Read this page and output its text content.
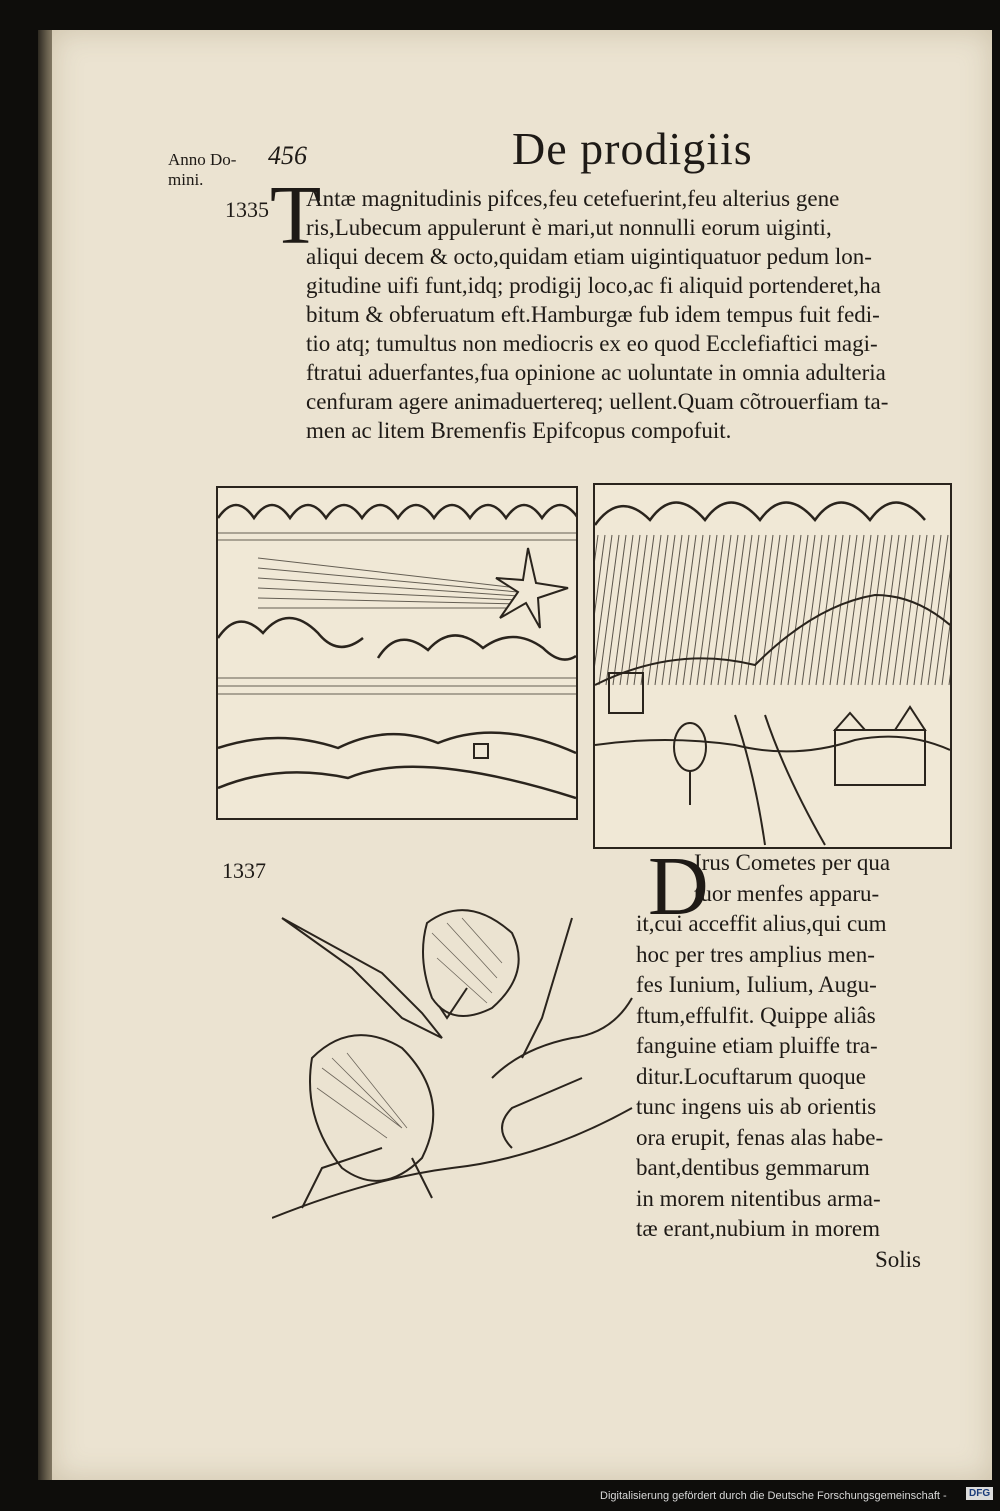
Anno Do-
mini.
456	De prodigiis
1335 T
Antæ magnitudinis pifces,feu cetefuerint,feu alterius gene
ris,Lubecum appulerunt è mari,ut nonnulli eorum uiginti,
aliqui decem & octo,quidam etiam uigintiquatuor pedum lon-
gitudine uifi funt,idq; prodigij loco,ac fi aliquid portenderet,ha
bitum & obferuatum eft.Hamburgæ fub idem tempus fuit fedi-
tio atq; tumultus non mediocris ex eo quod Ecclefiaftici magi-
ftratui aduerfantes,fua opinione ac uoluntate in omnia adulteria
cenfuram agere animaduertereq; uellent.Quam cõtrouerfiam ta-
men ac litem Bremenfis Epifcopus compofuit.
1337	D
Irus Cometes per qua
tuor menfes apparu-
it,cui acceffit alius,qui cum
hoc per tres amplius men-
fes Iunium, Iulium, Augu-
ftum,effulfit. Quippe aliâs
fanguine etiam pluiffe tra-
ditur.Locuftarum quoque
tunc ingens uis ab orientis
ora erupit, fenas alas habe-
bant,dentibus gemmarum
in morem nitentibus arma-
tæ erant,nubium in morem
Solis
Digitalisierung gefördert durch die Deutsche Forschungsgemeinschaft -	DFG
